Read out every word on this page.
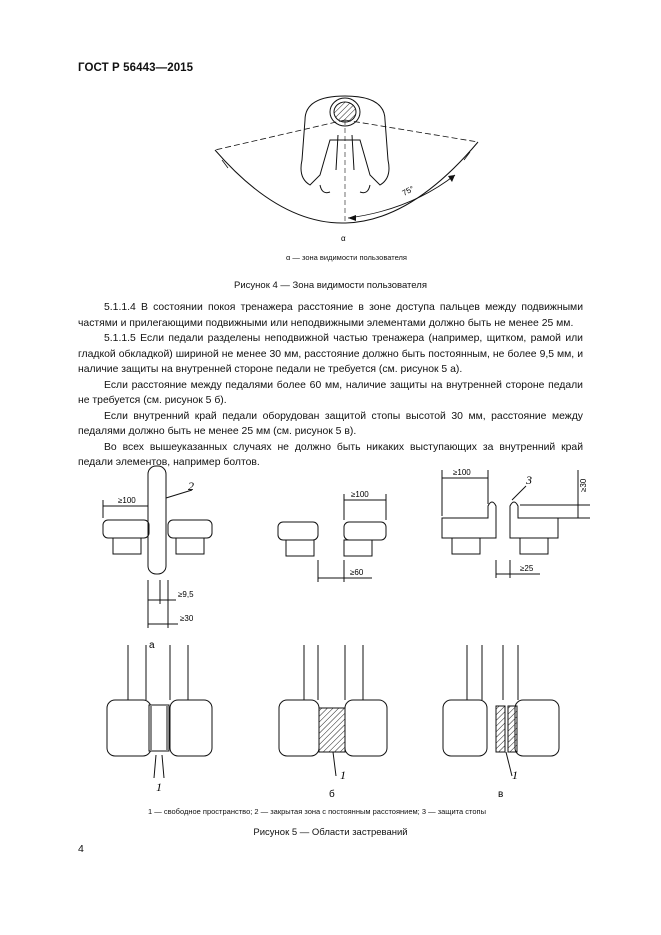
ГОСТ Р 56443—2015
75°
α
α — зона видимости пользователя
Рисунок 4 — Зона видимости пользователя

5.1.1.4 В состоянии покоя тренажера расстояние в зоне доступа пальцев между подвижными частями и прилегающими подвижными или неподвижными элементами должно быть не менее 25 мм.

5.1.1.5 Если педали разделены неподвижной частью тренажера (например, щитком, рамой или гладкой обкладкой) шириной не менее 30 мм, расстояние должно быть постоянным, не более 9,5 мм, и наличие защиты на внутренней стороне педали не требуется (см. рисунок 5 а).

Если расстояние между педалями более 60 мм, наличие защиты на внутренней стороне педали не требуется (см. рисунок 5 б).

Если внутренний край педали оборудован защитой стопы высотой 30 мм, расстояние между педалями должно быть не менее 25 мм (см. рисунок 5 в).

Во всех вышеуказанных случаях не должно быть никаких выступающих за внутренний край педали элементов, например болтов.

≥100
≥9,5
≥30
2
а
≥100
≥60
≥100
≥30
≥25
3
1
1	1
б	в
1 — свободное пространство; 2 — закрытая зона с постоянным расстоянием; 3 — защита стопы
Рисунок 5 — Области застреваний
4
